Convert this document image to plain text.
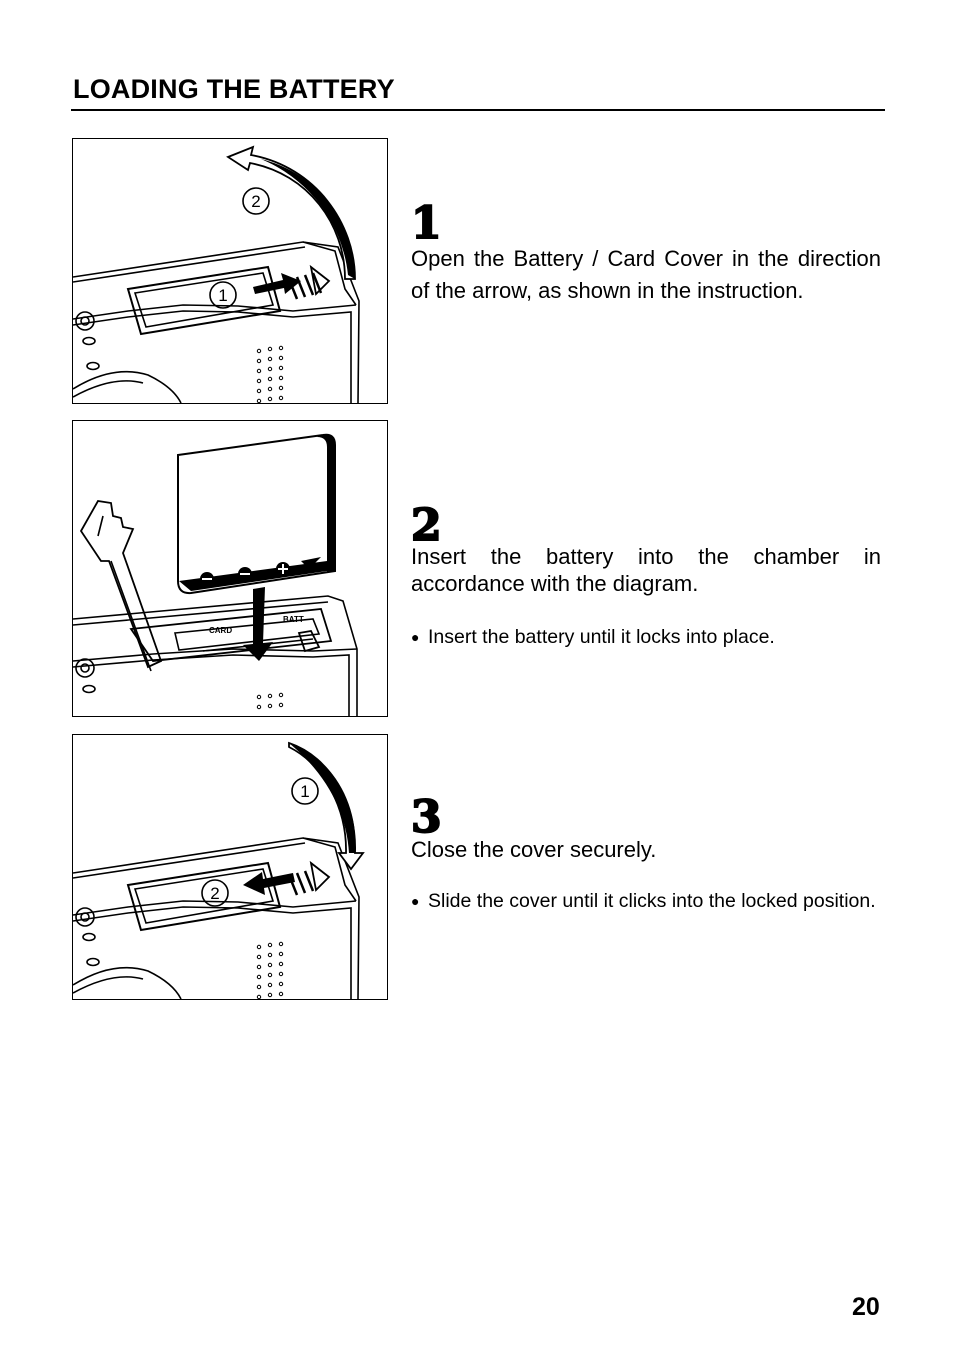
LOADING THE BATTERY
1
2	1
Open the Battery / Card Cover in the direction of the arrow, as shown in the instruction.
CARD
BATT
2
Insert the battery into the chamber in accordance with the diagram.
● Insert the battery until it locks into place.
1
2
3
Close the cover securely.
● Slide the cover until it clicks into the locked position.
20
